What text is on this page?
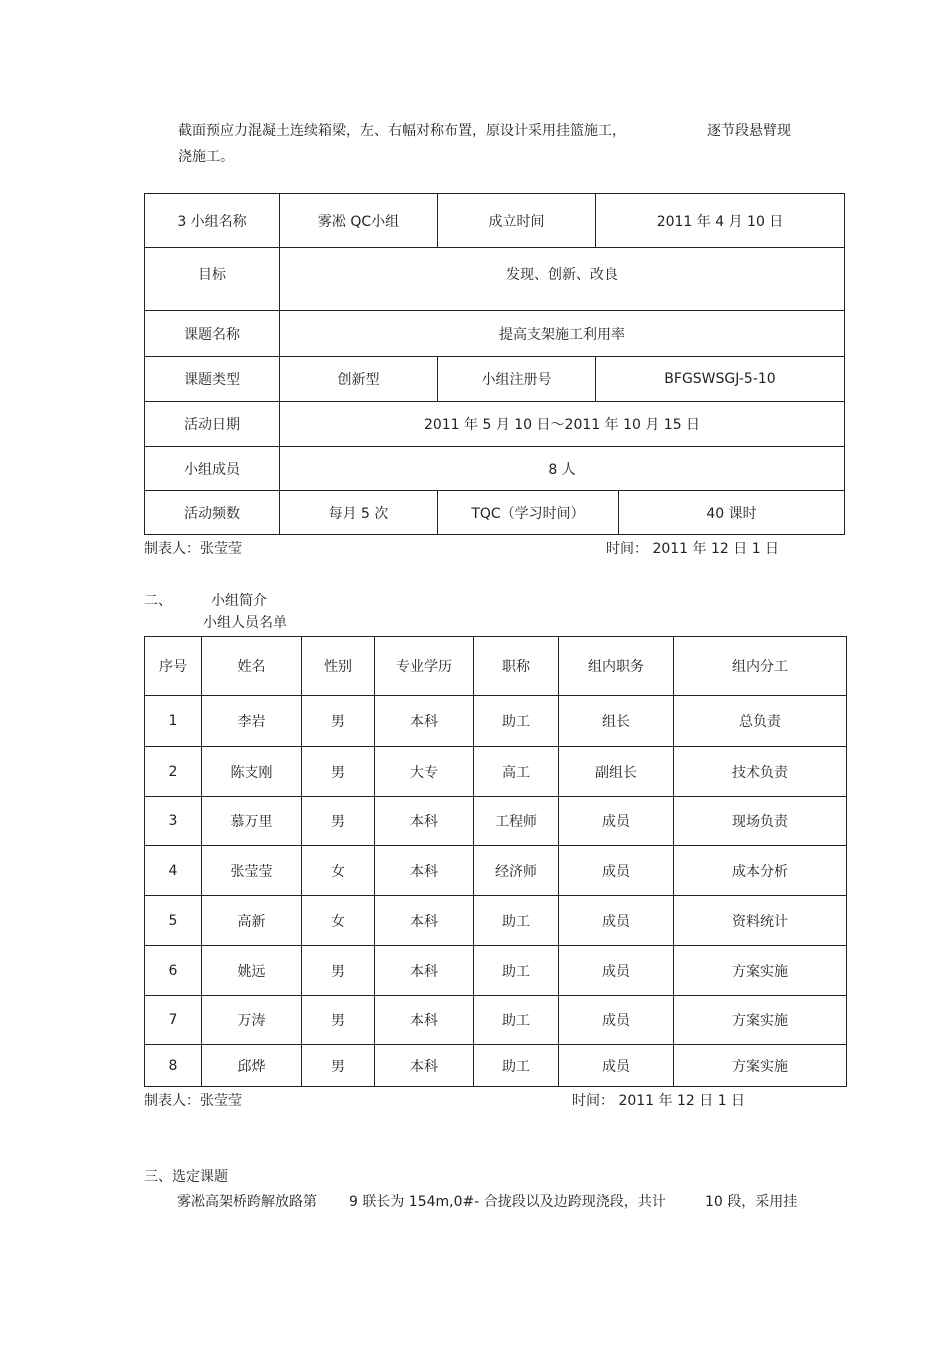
截面预应力混凝土连续箱梁，左、右幅对称布置，原设计采用挂篮施工，	逐节段悬臂现
浇施工。
3 小组名称	雾凇 QC小组	成立时间	2011 年 4 月 10 日	
目标	发现、创新、改良			
课题名称	提高支架施工利用率			
课题类型	创新型	小组注册号	BFGSWSGJ-5-10	
活动日期	2011 年 5 月 10 日～2011 年 10 月 15 日			
小组成员	8 人			
活动频数	每月 5 次	TQC（学习时间）		40 课时
制表人：张莹莹	时间： 2011 年 12 日 1 日
二、	小组简介
小组人员名单
序号	姓名	性别	专业学历	职称	组内职务	组内分工
1	李岩	男	本科	助工	组长	总负责
2	陈支刚	男	大专	高工	副组长	技术负责
3	慕万里	男	本科	工程师	成员	现场负责
4	张莹莹	女	本科	经济师	成员	成本分析
5	高新	女	本科	助工	成员	资料统计
6	姚远	男	本科	助工	成员	方案实施
7	万涛	男	本科	助工	成员	方案实施
8	邱烨	男	本科	助工	成员	方案实施
制表人：张莹莹	时间： 2011 年 12 日 1 日
三、选定课题
雾凇高架桥跨解放路第 9 联长为 154m,0#- 合拢段以及边跨现浇段，共计	10 段，采用挂
